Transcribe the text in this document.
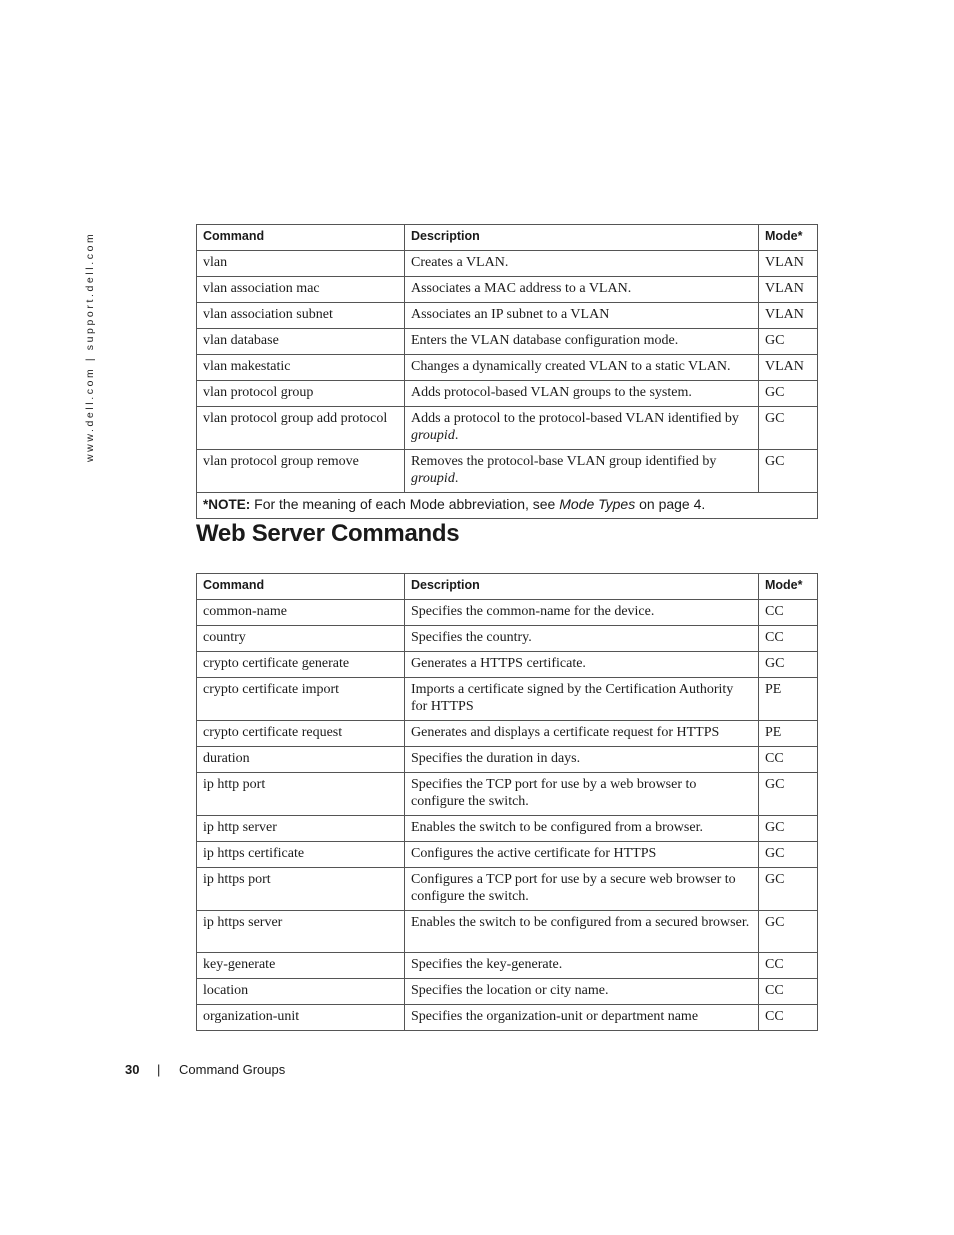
www.dell.com | support.dell.com	Command	Description	Mode*
vlan	Creates a VLAN.	VLAN
vlan association mac	Associates a MAC address to a VLAN.	VLAN
vlan association subnet	Associates an IP subnet to a VLAN	VLAN
vlan database	Enters the VLAN database configuration mode.	GC
vlan makestatic	Changes a dynamically created VLAN to a static VLAN.	VLAN
vlan protocol group	Adds protocol-based VLAN groups to the system.	GC
vlan protocol group add protocol	Adds a protocol to the protocol-based VLAN identified by groupid.	GC
vlan protocol group remove	Removes the protocol-base VLAN group identified by groupid.	GC
*NOTE: For the meaning of each Mode abbreviation, see Mode Types on page 4.		
Web Server Commands
Command	Description	Mode*
common-name	Specifies the common-name for the device.	CC
country	Specifies the country.	CC
crypto certificate generate	Generates a HTTPS certificate.	GC
crypto certificate import	Imports a certificate signed by the Certification Authority for HTTPS	PE
crypto certificate request	Generates and displays a certificate request for HTTPS	PE
duration	Specifies the duration in days.	CC
ip http port	Specifies the TCP port for use by a web browser to configure the switch.	GC
ip http server	Enables the switch to be configured from a browser.	GC
ip https certificate	Configures the active certificate for HTTPS	GC
ip https port	Configures a TCP port for use by a secure web browser to configure the switch.	GC
ip https server	Enables the switch to be configured from a secured browser.	GC
key-generate	Specifies the key-generate.	CC
location	Specifies the location or city name.	CC
organization-unit	Specifies the organization-unit or department name	CC
30 | Command Groups
